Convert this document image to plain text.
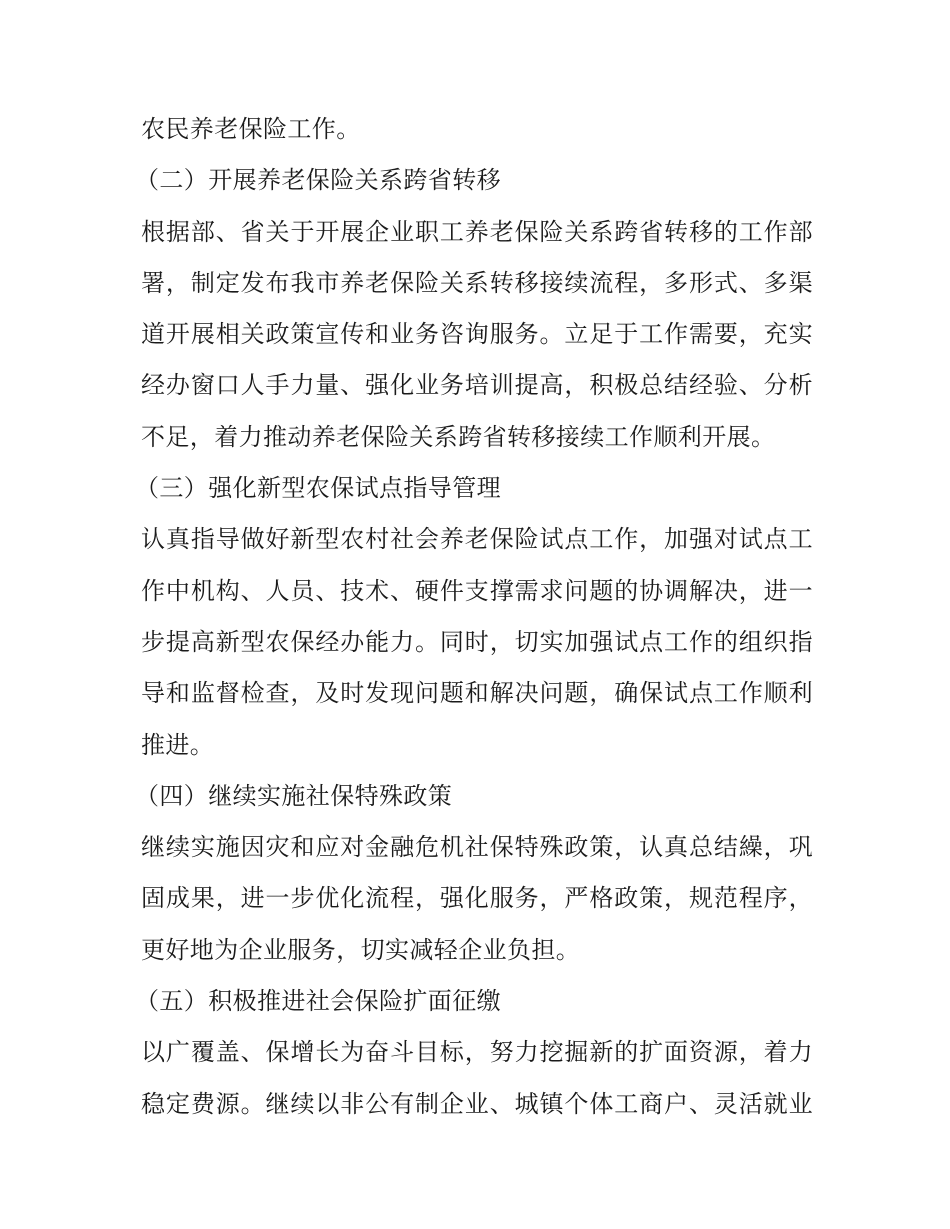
农民养老保险工作。
（二）开展养老保险关系跨省转移
根据部、省关于开展企业职工养老保险关系跨省转移的工作部
署，制定发布我市养老保险关系转移接续流程，多形式、多渠
道开展相关政策宣传和业务咨询服务。立足于工作需要，充实
经办窗口人手力量、强化业务培训提高，积极总结经验、分析
不足，着力推动养老保险关系跨省转移接续工作顺利开展。
（三）强化新型农保试点指导管理
认真指导做好新型农村社会养老保险试点工作，加强对试点工
作中机构、人员、技术、硬件支撑需求问题的协调解决，进一
步提高新型农保经办能力。同时，切实加强试点工作的组织指
导和监督检查，及时发现问题和解决问题，确保试点工作顺利
推进。
（四）继续实施社保特殊政策
继续实施因灾和应对金融危机社保特殊政策，认真总结繰，巩
固成果，进一步优化流程，强化服务，严格政策，规范程序，
更好地为企业服务，切实减轻企业负担。
（五）积极推进社会保险扩面征缴
以广覆盖、保增长为奋斗目标，努力挖掘新的扩面资源，着力
稳定费源。继续以非公有制企业、城镇个体工商户、灵活就业
